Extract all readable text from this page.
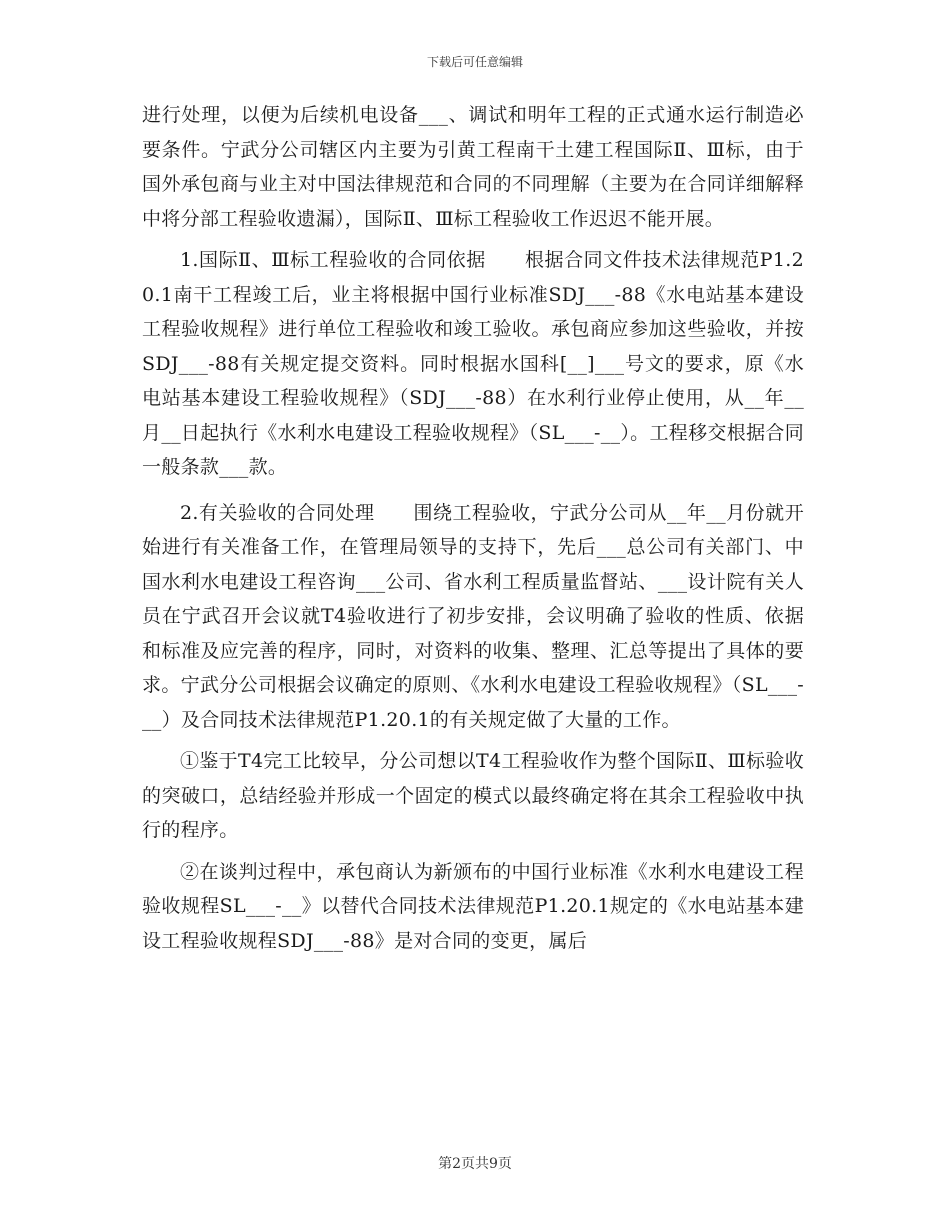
下载后可任意编辑

进行处理，以便为后续机电设备___、调试和明年工程的正式通水运行制造必要条件。宁武分公司辖区内主要为引黄工程南干土建工程国际Ⅱ、Ⅲ标，由于国外承包商与业主对中国法律规范和合同的不同理解（主要为在合同详细解释中将分部工程验收遗漏），国际Ⅱ、Ⅲ标工程验收工作迟迟不能开展。

1.国际Ⅱ、Ⅲ标工程验收的合同依据　　根据合同文件技术法律规范P1.20.1南干工程竣工后，业主将根据中国行业标准SDJ___-88《水电站基本建设工程验收规程》进行单位工程验收和竣工验收。承包商应参加这些验收，并按SDJ___-88有关规定提交资料。同时根据水国科[__]___号文的要求，原《水电站基本建设工程验收规程》（SDJ___-88）在水利行业停止使用，从__年__月__日起执行《水利水电建设工程验收规程》（SL___-__）。工程移交根据合同一般条款___款。

2.有关验收的合同处理　　围绕工程验收，宁武分公司从__年__月份就开始进行有关准备工作，在管理局领导的支持下，先后___总公司有关部门、中国水利水电建设工程咨询___公司、省水利工程质量监督站、___设计院有关人员在宁武召开会议就T4验收进行了初步安排，会议明确了验收的性质、依据和标准及应完善的程序，同时，对资料的收集、整理、汇总等提出了具体的要求。宁武分公司根据会议确定的原则、《水利水电建设工程验收规程》（SL___-__）及合同技术法律规范P1.20.1的有关规定做了大量的工作。

①鉴于T4完工比较早，分公司想以T4工程验收作为整个国际Ⅱ、Ⅲ标验收的突破口，总结经验并形成一个固定的模式以最终确定将在其余工程验收中执行的程序。

②在谈判过程中，承包商认为新颁布的中国行业标准《水利水电建设工程验收规程SL___-__》以替代合同技术法律规范P1.20.1规定的《水电站基本建设工程验收规程SDJ___-88》是对合同的变更，属后

第2页共9页
